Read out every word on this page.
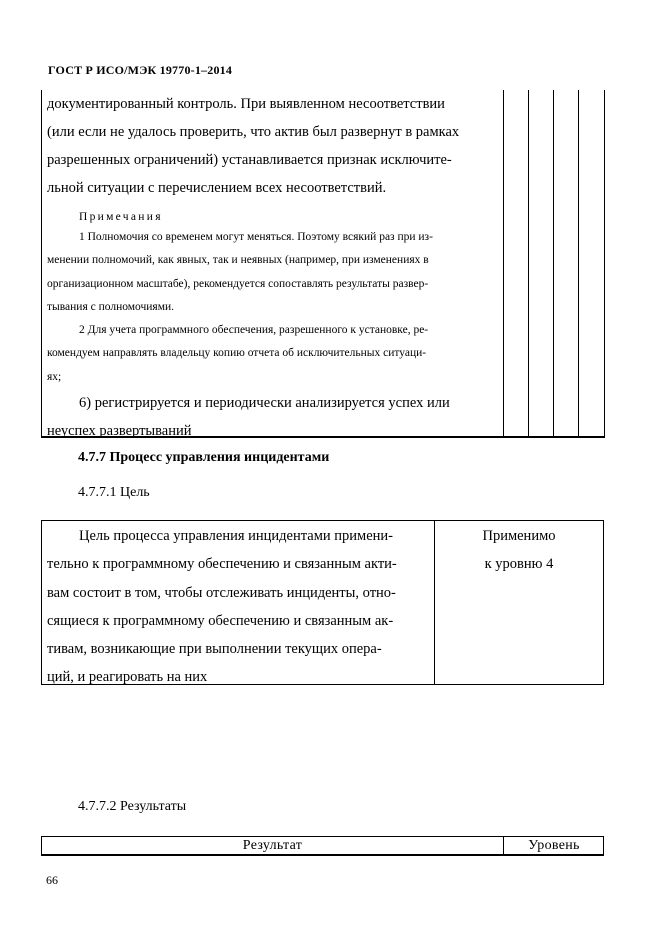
ГОСТ Р ИСО/МЭК 19770-1–2014

документированный контроль. При выявленном несоответствии

(или если не удалось проверить, что актив был развернут в рамках

разрешенных ограничений) устанавливается признак исключите-

льной ситуации с перечислением всех несоответствий.

Примечания

1 Полномочия со временем могут меняться. Поэтому всякий раз при из-

менении полномочий, как явных, так и неявных (например, при изменениях в

организационном масштабе), рекомендуется сопоставлять результаты развер-

тывания с полномочиями.

2 Для учета программного обеспечения, разрешенного к установке, ре-

комендуем направлять владельцу копию отчета об исключительных ситуаци-

ях;

6) регистрируется и периодически анализируется успех или

неуспех развертываний

4.7.7 Процесс управления инцидентами
4.7.7.1 Цель

Цель процесса управления инцидентами примени-

тельно к программному обеспечению и связанным акти-

вам состоит в том, чтобы отслеживать инциденты, отно-

сящиеся к программному обеспечению и связанным ак-

тивам, возникающие при выполнении текущих опера-

ций, и реагировать на них

Применимо
к уровню 4
4.7.7.2 Результаты
Результат	Уровень
66
